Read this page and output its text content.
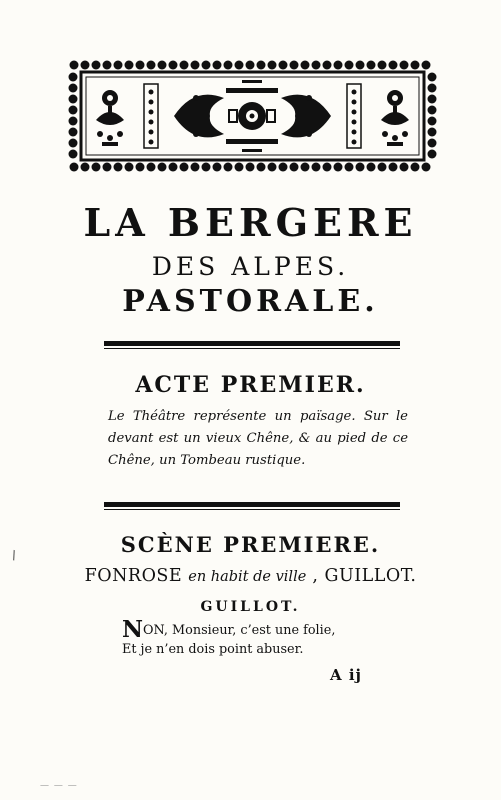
LA BERGERE
DES ALPES.
PASTORALE.
ACTE PREMIER.
Le Théâtre représente un païsage. Sur le devant est un vieux Chêne, & au pied de ce Chêne, un Tombeau rustique.
SCÈNE PREMIERE.
FONROSE en habit de ville , GUILLOT.
GUILLOT.
NON, Monsieur, c’est une folie,
Et je n’en dois point abuser.
A ij
\
— — —
